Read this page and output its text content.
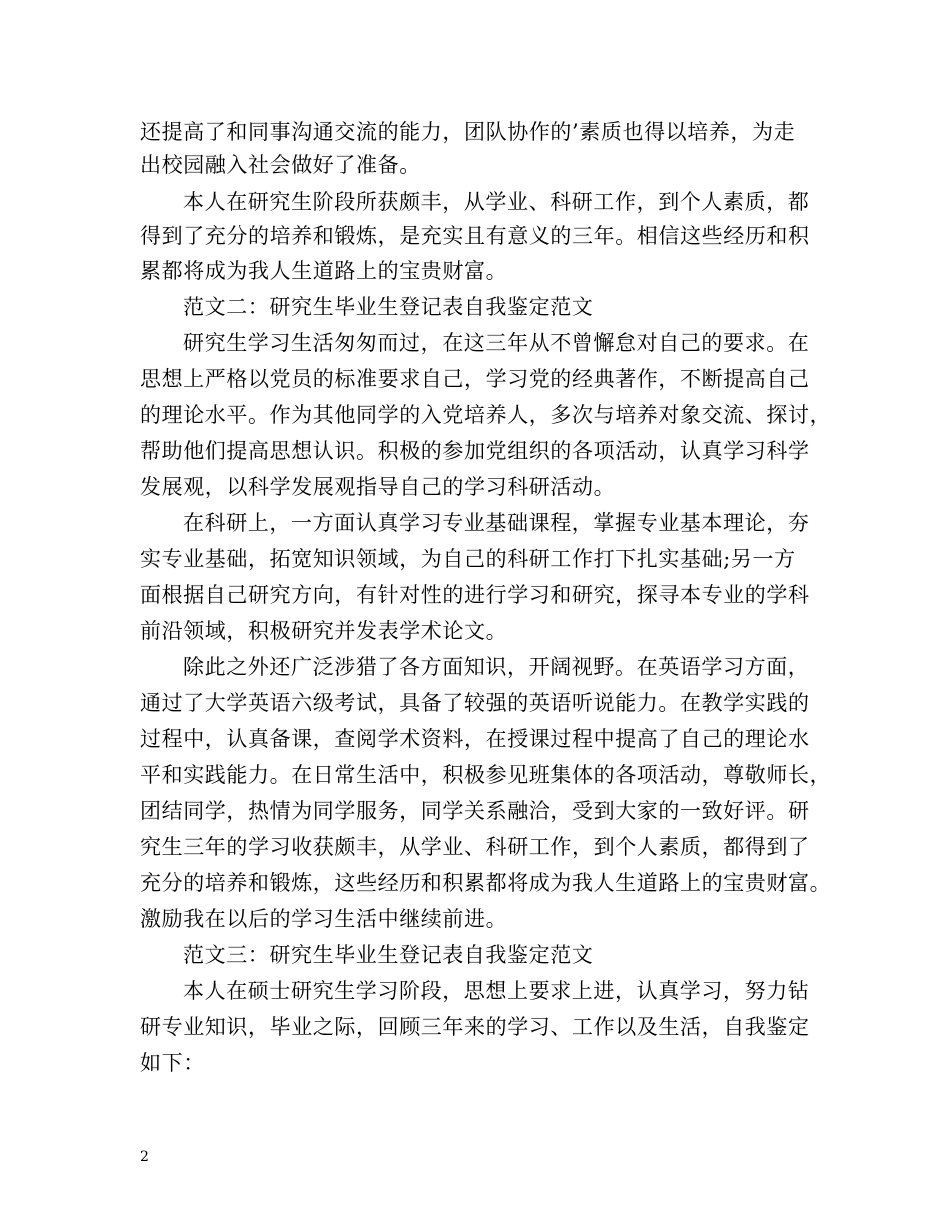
还提高了和同事沟通交流的能力，团队协作的’素质也得以培养，为走
出校园融入社会做好了准备。
本人在研究生阶段所获颇丰，从学业、科研工作，到个人素质，都
得到了充分的培养和锻炼，是充实且有意义的三年。相信这些经历和积
累都将成为我人生道路上的宝贵财富。
范文二：研究生毕业生登记表自我鉴定范文
研究生学习生活匆匆而过，在这三年从不曾懈怠对自己的要求。在
思想上严格以党员的标准要求自己，学习党的经典著作，不断提高自己
的理论水平。作为其他同学的入党培养人，多次与培养对象交流、探讨，
帮助他们提高思想认识。积极的参加党组织的各项活动，认真学习科学
发展观，以科学发展观指导自己的学习科研活动。
在科研上，一方面认真学习专业基础课程，掌握专业基本理论，夯
实专业基础，拓宽知识领域，为自己的科研工作打下扎实基础;另一方
面根据自己研究方向，有针对性的进行学习和研究，探寻本专业的学科
前沿领域，积极研究并发表学术论文。
除此之外还广泛涉猎了各方面知识，开阔视野。在英语学习方面，
通过了大学英语六级考试，具备了较强的英语听说能力。在教学实践的
过程中，认真备课，查阅学术资料，在授课过程中提高了自己的理论水
平和实践能力。在日常生活中，积极参见班集体的各项活动，尊敬师长，
团结同学，热情为同学服务，同学关系融洽，受到大家的一致好评。研
究生三年的学习收获颇丰，从学业、科研工作，到个人素质，都得到了
充分的培养和锻炼，这些经历和积累都将成为我人生道路上的宝贵财富。
激励我在以后的学习生活中继续前进。
范文三：研究生毕业生登记表自我鉴定范文
本人在硕士研究生学习阶段，思想上要求上进，认真学习，努力钻
研专业知识，毕业之际，回顾三年来的学习、工作以及生活，自我鉴定
如下：
2
